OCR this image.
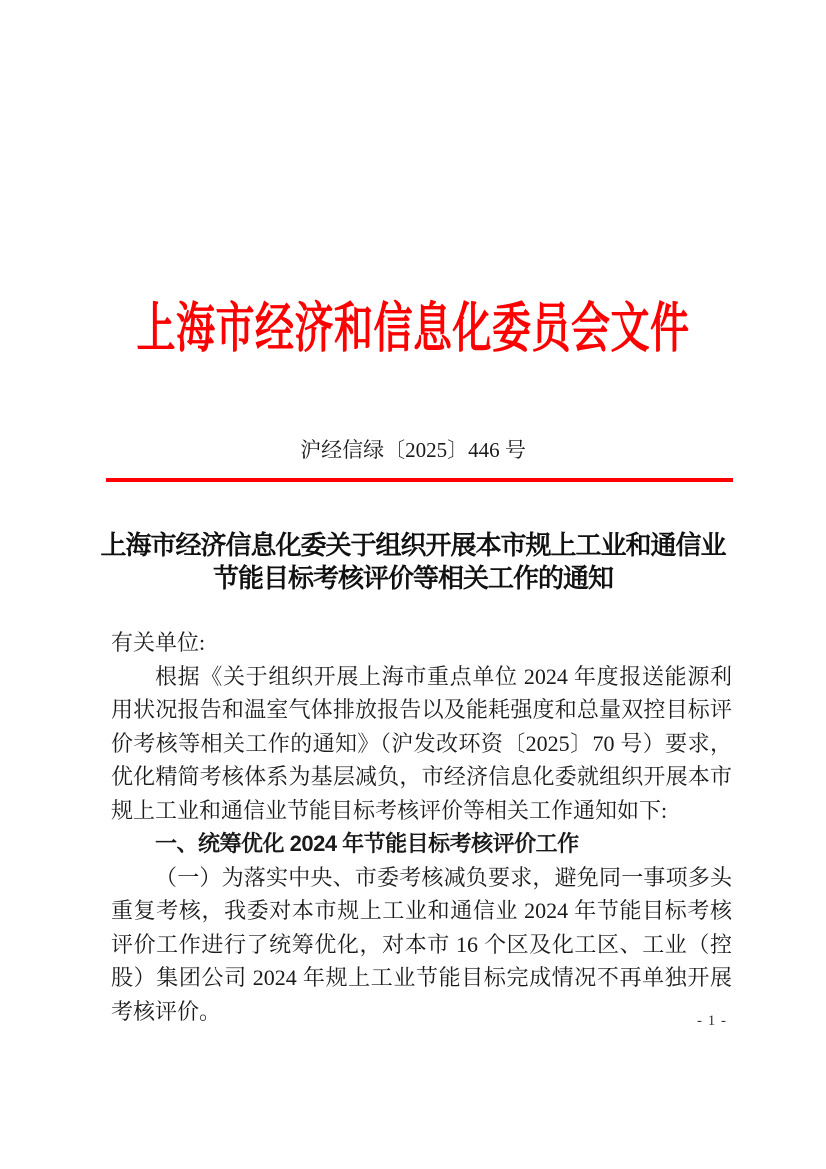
上海市经济和信息化委员会文件
沪经信绿〔2025〕446 号
上海市经济信息化委关于组织开展本市规上工业和通信业
节能目标考核评价等相关工作的通知

有关单位:

根据《关于组织开展上海市重点单位 2024 年度报送能源利用状况报告和温室气体排放报告以及能耗强度和总量双控目标评价考核等相关工作的通知》（沪发改环资〔2025〕70 号）要求，优化精简考核体系为基层减负，市经济信息化委就组织开展本市规上工业和通信业节能目标考核评价等相关工作通知如下:

一、统筹优化 2024 年节能目标考核评价工作

（一）为落实中央、市委考核减负要求，避免同一事项多头重复考核，我委对本市规上工业和通信业 2024 年节能目标考核评价工作进行了统筹优化，对本市 16 个区及化工区、工业（控股）集团公司 2024 年规上工业节能目标完成情况不再单独开展考核评价。	- 1 -
